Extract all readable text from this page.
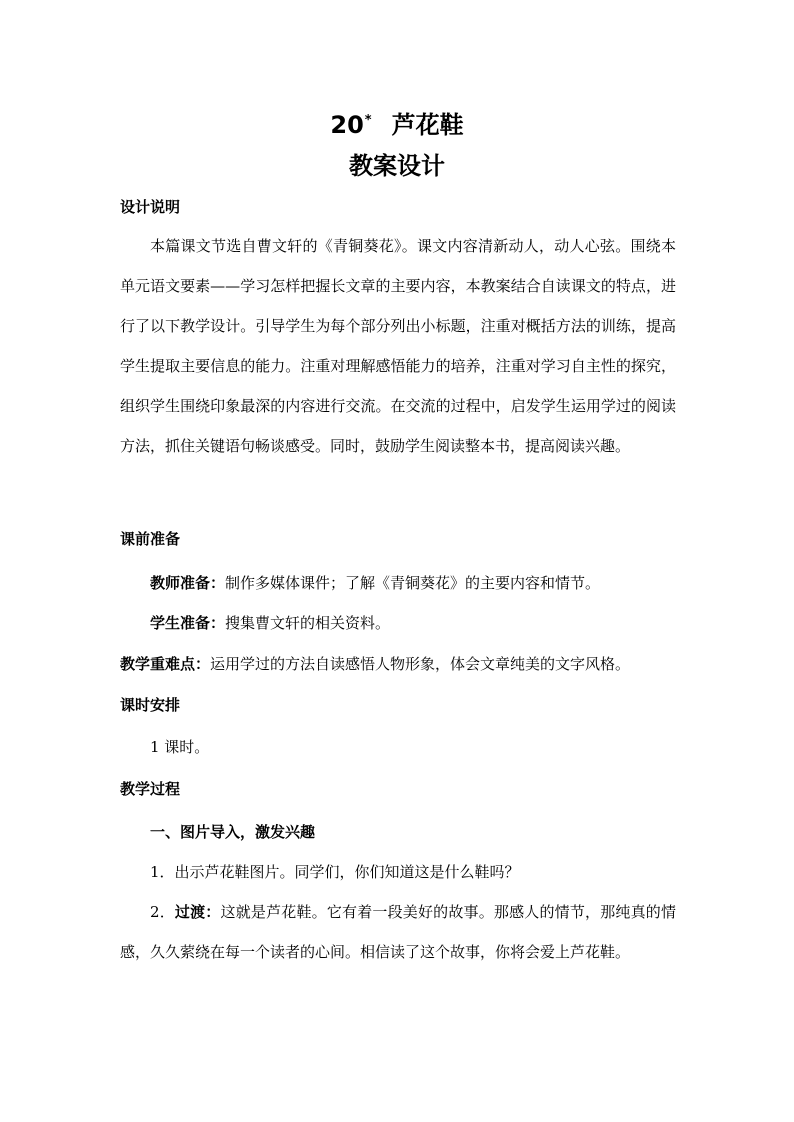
20* 芦花鞋
教案设计
设计说明
本篇课文节选自曹文轩的《青铜葵花》。课文内容清新动人，动人心弦。围绕本单元语文要素——学习怎样把握长文章的主要内容，本教案结合自读课文的特点，进行了以下教学设计。引导学生为每个部分列出小标题，注重对概括方法的训练，提高学生提取主要信息的能力。注重对理解感悟能力的培养，注重对学习自主性的探究，组织学生围绕印象最深的内容进行交流。在交流的过程中，启发学生运用学过的阅读方法，抓住关键语句畅谈感受。同时，鼓励学生阅读整本书，提高阅读兴趣。
课前准备
教师准备：制作多媒体课件；了解《青铜葵花》的主要内容和情节。
学生准备：搜集曹文轩的相关资料。
教学重难点：运用学过的方法自读感悟人物形象，体会文章纯美的文字风格。
课时安排
1 课时。
教学过程
一、图片导入，激发兴趣
1．出示芦花鞋图片。同学们，你们知道这是什么鞋吗？
2．过渡：这就是芦花鞋。它有着一段美好的故事。那感人的情节，那纯真的情感，久久萦绕在每一个读者的心间。相信读了这个故事，你将会爱上芦花鞋。
